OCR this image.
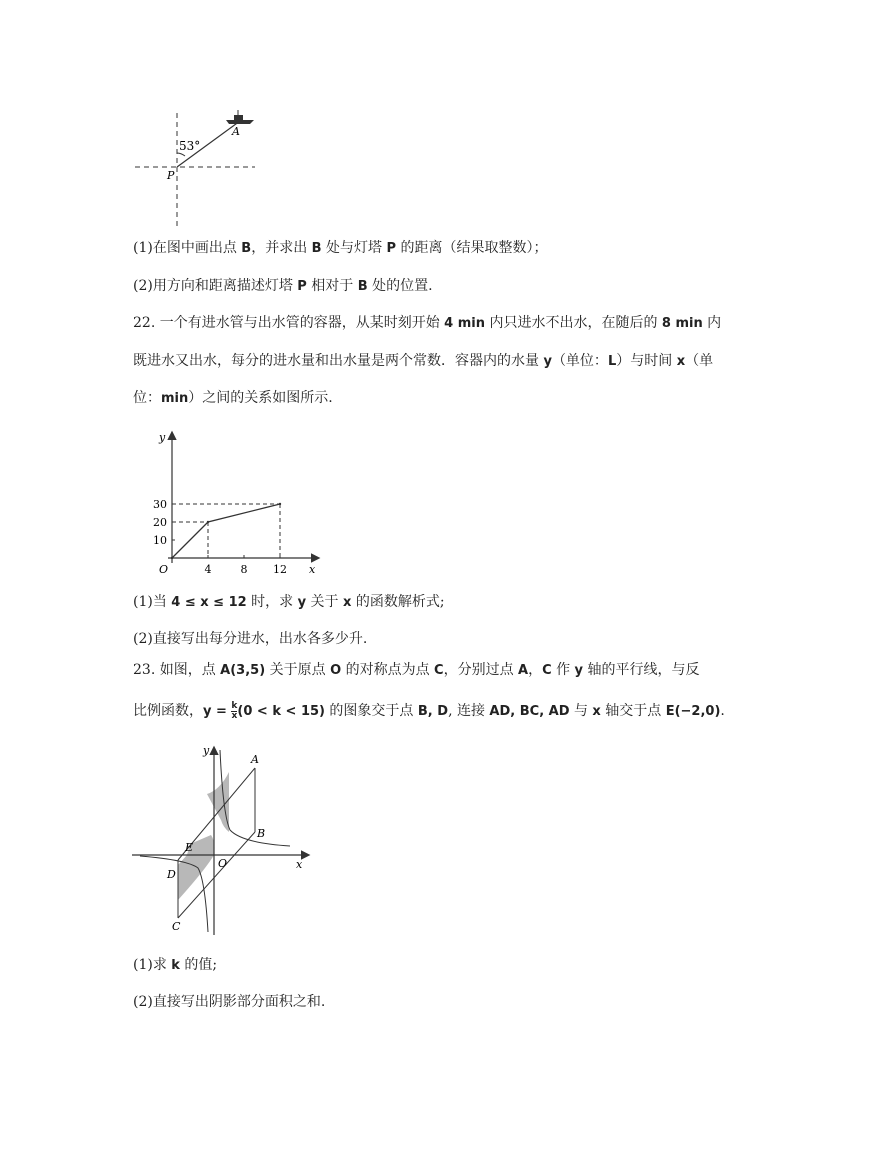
53°
A
P
(1)在图中画出点 B，并求出 B 处与灯塔 P 的距离（结果取整数）；
(2)用方向和距离描述灯塔 P 相对于 B 处的位置.
22. 一个有进水管与出水管的容器，从某时刻开始 4 min 内只进水不出水，在随后的 8 min 内
既进水又出水，每分的进水量和出水量是两个常数．容器内的水量 y（单位：L）与时间 x（单
位：min）之间的关系如图所示.
4	8 12
10
20
30
x
y
O
(1)当 4 ≤ x ≤ 12 时，求 y 关于 x 的函数解析式;
(2)直接写出每分进水，出水各多少升.
23. 如图，点 A(3,5) 关于原点 O 的对称点为点 C，分别过点 A，C 作 y 轴的平行线，与反
比例函数，$y = \frac{k}{x} (0 < k < 15)$ 的图象交于点 B, D, 连接 AD, BC, AD 与 x 轴交于点 E(−2,0).
A
B
C
D
E
O	x
y
(1)求 k 的值;
(2)直接写出阴影部分面积之和.
